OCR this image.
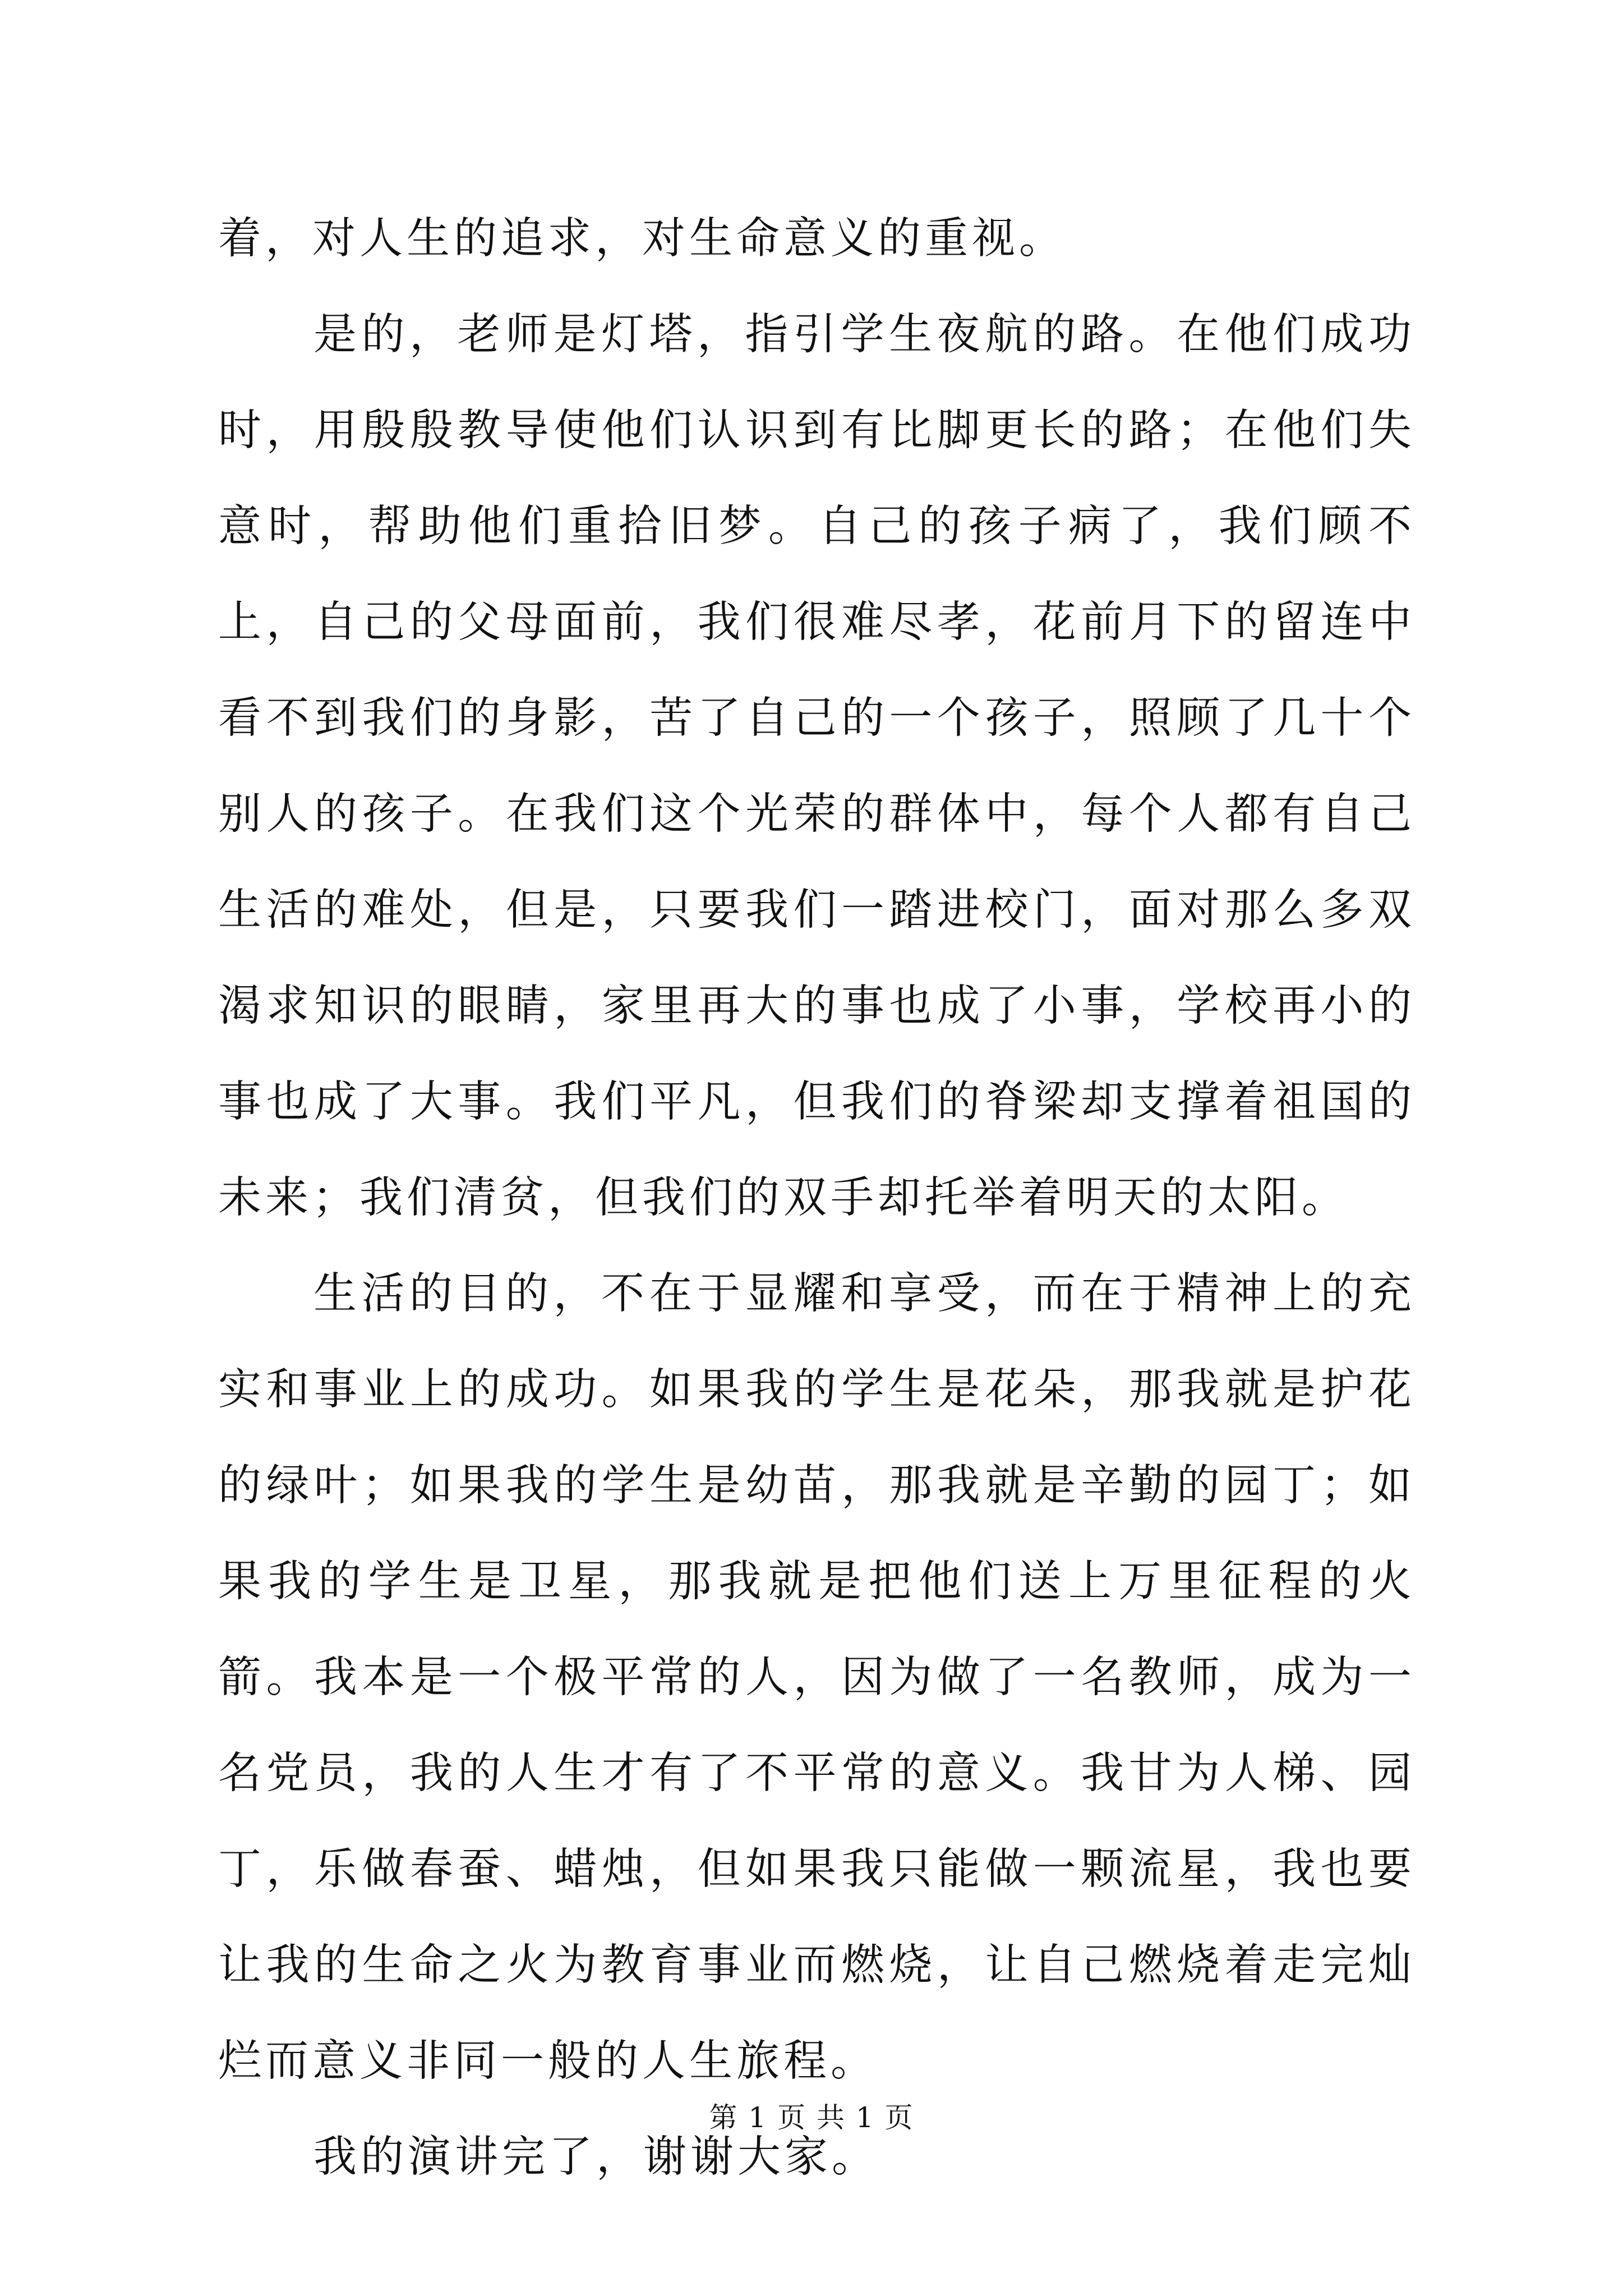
着，对人生的追求，对生命意义的重视。

是的，老师是灯塔，指引学生夜航的路。在他们成功时，用殷殷教导使他们认识到有比脚更长的路；在他们失意时，帮助他们重拾旧梦。自己的孩子病了，我们顾不上，自己的父母面前，我们很难尽孝，花前月下的留连中看不到我们的身影，苦了自己的一个孩子，照顾了几十个别人的孩子。在我们这个光荣的群体中，每个人都有自己生活的难处，但是，只要我们一踏进校门，面对那么多双渴求知识的眼睛，家里再大的事也成了小事，学校再小的事也成了大事。我们平凡，但我们的脊梁却支撑着祖国的未来；我们清贫，但我们的双手却托举着明天的太阳。

生活的目的，不在于显耀和享受，而在于精神上的充实和事业上的成功。如果我的学生是花朵，那我就是护花的绿叶；如果我的学生是幼苗，那我就是辛勤的园丁；如果我的学生是卫星，那我就是把他们送上万里征程的火箭。我本是一个极平常的人，因为做了一名教师，成为一名党员，我的人生才有了不平常的意义。我甘为人梯、园丁，乐做春蚕、蜡烛，但如果我只能做一颗流星，我也要让我的生命之火为教育事业而燃烧，让自己燃烧着走完灿烂而意义非同一般的人生旅程。

我的演讲完了，谢谢大家。

第 1 页 共 1 页
